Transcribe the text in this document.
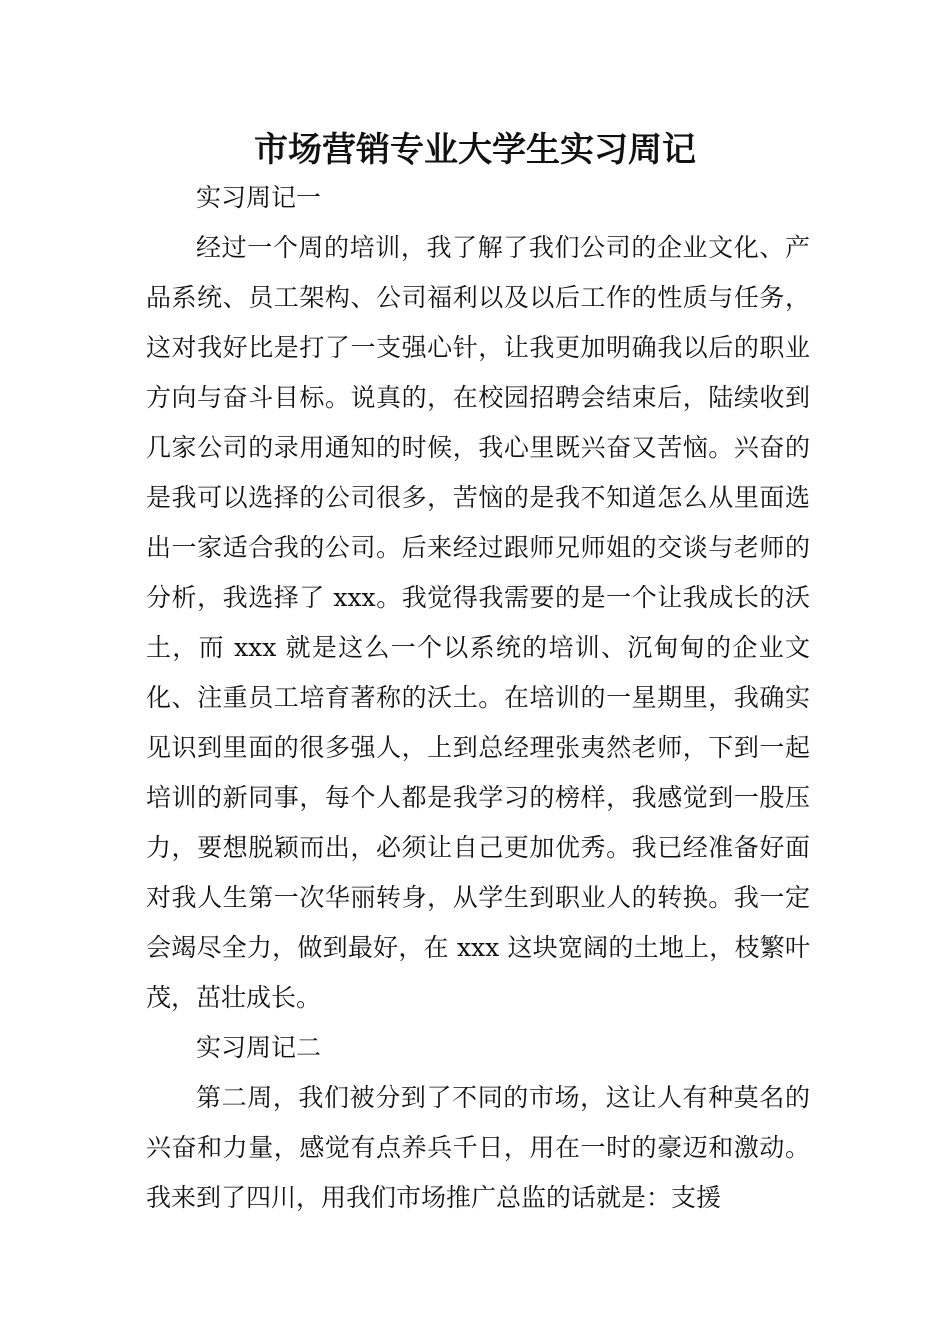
市场营销专业大学生实习周记

实习周记一

经过一个周的培训，我了解了我们公司的企业文化、产品系统、员工架构、公司福利以及以后工作的性质与任务，这对我好比是打了一支强心针，让我更加明确我以后的职业方向与奋斗目标。说真的，在校园招聘会结束后，陆续收到几家公司的录用通知的时候，我心里既兴奋又苦恼。兴奋的是我可以选择的公司很多，苦恼的是我不知道怎么从里面选出一家适合我的公司。后来经过跟师兄师姐的交谈与老师的分析，我选择了 xxx。我觉得我需要的是一个让我成长的沃土，而 xxx 就是这么一个以系统的培训、沉甸甸的企业文化、注重员工培育著称的沃土。在培训的一星期里，我确实见识到里面的很多强人，上到总经理张夷然老师，下到一起培训的新同事，每个人都是我学习的榜样，我感觉到一股压力，要想脱颖而出，必须让自己更加优秀。我已经准备好面对我人生第一次华丽转身，从学生到职业人的转换。我一定会竭尽全力，做到最好，在 xxx 这块宽阔的土地上，枝繁叶茂，茁壮成长。

实习周记二

第二周，我们被分到了不同的市场，这让人有种莫名的兴奋和力量，感觉有点养兵千日，用在一时的豪迈和激动。我来到了四川，用我们市场推广总监的话就是：支援
